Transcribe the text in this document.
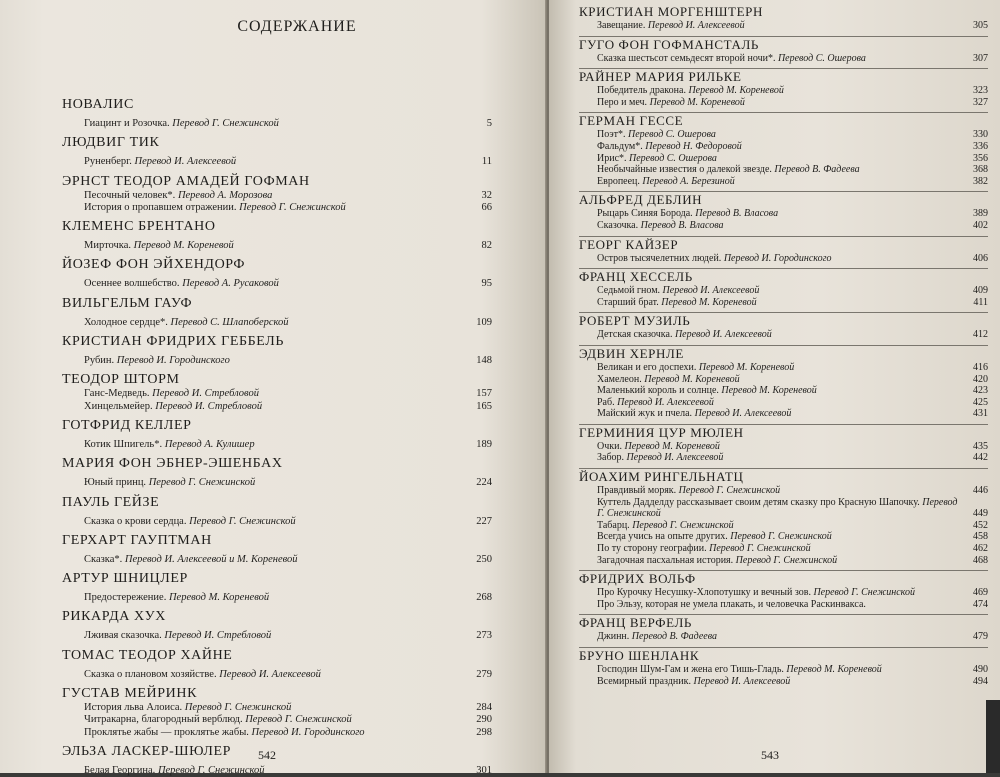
СОДЕРЖАНИЕ
НОВАЛИС
Гиацинт и Розочка. Перевод Г. Снежинской	5
ЛЮДВИГ ТИК
Руненберг. Перевод И. Алексеевой	11
ЭРНСТ ТЕОДОР АМАДЕЙ ГОФМАН
Песочный человек*. Перевод А. Морозова	32
История о пропавшем отражении. Перевод Г. Снежинской	66
КЛЕМЕНС БРЕНТАНО
Мирточка. Перевод М. Кореневой	82
ЙОЗЕФ ФОН ЭЙХЕНДОРФ
Осеннее волшебство. Перевод А. Русаковой	95
ВИЛЬГЕЛЬМ ГАУФ
Холодное сердце*. Перевод С. Шлапоберской	109
КРИСТИАН ФРИДРИХ ГЕББЕЛЬ
Рубин. Перевод И. Городинского	148
ТЕОДОР ШТОРМ
Ганс-Медведь. Перевод И. Стребловой	157
Хинцельмейер. Перевод И. Стребловой	165
ГОТФРИД КЕЛЛЕР
Котик Шпигель*. Перевод А. Кулишер	189
МАРИЯ ФОН ЭБНЕР-ЭШЕНБАХ
Юный принц. Перевод Г. Снежинской	224
ПАУЛЬ ГЕЙЗЕ
Сказка о крови сердца. Перевод Г. Снежинской	227
ГЕРХАРТ ГАУПТМАН
Сказка*. Перевод И. Алексеевой и М. Кореневой	250
АРТУР ШНИЦЛЕР
Предостережение. Перевод М. Кореневой	268
РИКАРДА ХУХ
Лживая сказочка. Перевод И. Стребловой	273
ТОМАС ТЕОДОР ХАЙНЕ
Сказка о плановом хозяйстве. Перевод И. Алексеевой	279
ГУСТАВ МЕЙРИНК
История льва Алоиса. Перевод Г. Снежинской	284
Читракарна, благородный верблюд. Перевод Г. Снежинской	290
Проклятье жабы — проклятье жабы. Перевод И. Городинского	298
ЭЛЬЗА ЛАСКЕР-ШЮЛЕР
Белая Георгина. Перевод Г. Снежинской	301
542
КРИСТИАН МОРГЕНШТЕРН
Завещание. Перевод И. Алексеевой	305
ГУГО ФОН ГОФМАНСТАЛЬ
Сказка шестьсот семьдесят второй ночи*. Перевод С. Ошерова	307
РАЙНЕР МАРИЯ РИЛЬКЕ
Победитель дракона. Перевод М. Кореневой	323
Перо и меч. Перевод М. Кореневой	327
ГЕРМАН ГЕССЕ
Поэт*. Перевод С. Ошерова	330
Фальдум*. Перевод Н. Федоровой	336
Ирис*. Перевод С. Ошерова	356
Необычайные известия о далекой звезде. Перевод В. Фадеева	368
Европеец. Перевод А. Березиной	382
АЛЬФРЕД ДЕБЛИН
Рыцарь Синяя Борода. Перевод В. Власова	389
Сказочка. Перевод В. Власова	402
ГЕОРГ КАЙЗЕР
Остров тысячелетних людей. Перевод И. Городинского	406
ФРАНЦ ХЕССЕЛЬ
Седьмой гном. Перевод И. Алексеевой	409
Старший брат. Перевод М. Кореневой	411
РОБЕРТ МУЗИЛЬ
Детская сказочка. Перевод И. Алексеевой	412
ЭДВИН ХЕРНЛЕ
Великан и его доспехи. Перевод М. Кореневой	416
Хамелеон. Перевод М. Кореневой	420
Маленький король и солнце. Перевод М. Кореневой	423
Раб. Перевод И. Алексеевой	425
Майский жук и пчела. Перевод И. Алексеевой	431
ГЕРМИНИЯ ЦУР МЮЛЕН
Очки. Перевод М. Кореневой	435
Забор. Перевод И. Алексеевой	442
ЙОАХИМ РИНГЕЛЬНАТЦ
Правдивый моряк. Перевод Г. Снежинской	446
Куттель Дадделду рассказывает своим детям сказку про Красную Шапочку. Перевод Г. Снежинской	449
Табарц. Перевод Г. Снежинской	452
Всегда учись на опыте других. Перевод Г. Снежинской	458
По ту сторону географии. Перевод Г. Снежинской	462
Загадочная пасхальная история. Перевод Г. Снежинской	468
ФРИДРИХ ВОЛЬФ
Про Курочку Несушку-Хлопотушку и вечный зов. Перевод Г. Снежинской	469
Про Эльзу, которая не умела плакать, и человечка Раскинвакса.	474
ФРАНЦ ВЕРФЕЛЬ
Джинн. Перевод В. Фадеева	479
БРУНО ШЕНЛАНК
Господин Шум-Гам и жена его Тишь-Гладь. Перевод М. Кореневой	490
Всемирный праздник. Перевод И. Алексеевой	494
543
